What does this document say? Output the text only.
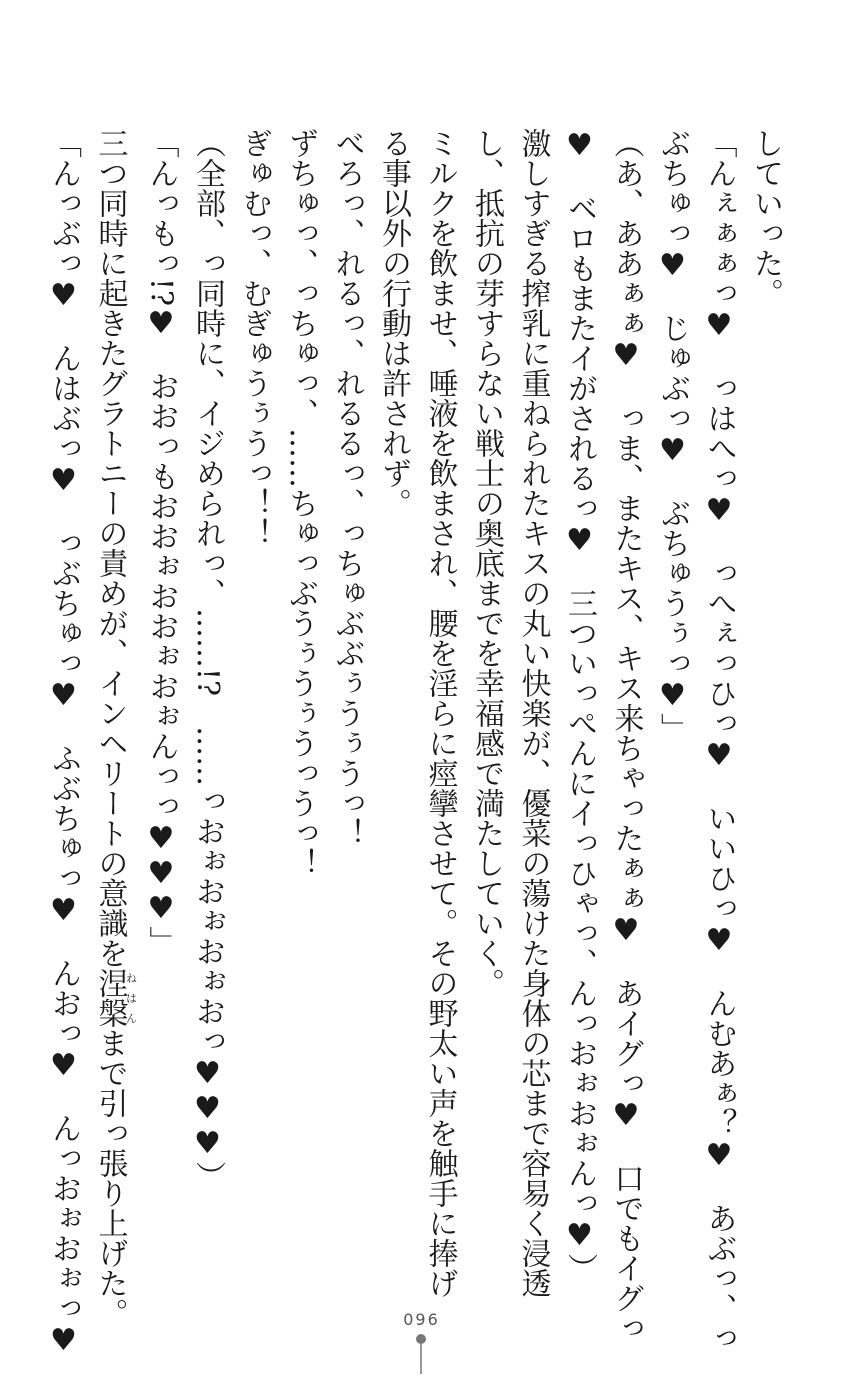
していった。
「んぇぁぁっ♥　っはへっ♥　っへぇっひっ♥　いいひっ♥　んむあぁ？♥　あぶっ、っ
ぶちゅっ♥　じゅぶっ♥　ぶちゅうぅっ♥」
（あ、ああぁぁ♥　っま、またキス、キス来ちゃったぁぁ♥　あイグっ♥　口でもイグっ
♥　ベロもまたイがされるっ♥　三ついっぺんにイっひゃっ、んっおぉおぉんっ♥）
激しすぎる搾乳に重ねられたキスの丸い快楽が、優菜の蕩けた身体の芯まで容易く浸透
し、抵抗の芽すらない戦士の奥底までを幸福感で満たしていく。
ミルクを飲ませ、唾液を飲まされ、腰を淫らに痙攣させて。その野太い声を触手に捧げ
る事以外の行動は許されず。
べろっ、れるっ、れるるっ、っちゅぶぶぅうぅうっ！
ずちゅっ、っちゅっ、……ちゅっぶうぅうぅうっうっ！
ぎゅむっ、むぎゅうぅうっ！！
（全部、っ同時に、イジめられっ、……!?　……っおぉおぉおぉおっ♥♥♥）
「んっもっ!?♥　おおっもおおぉおおぉおぉんっっ♥♥♥」
三つ同時に起きたグラトニーの責めが、インヘリートの意識を涅槃ねはんまで引っ張り上げた。
「んっぶっ♥　んはぶっ♥　っぶちゅっ♥　ふぶちゅっ♥　んおっ♥　んっおぉおぉっ♥	096
